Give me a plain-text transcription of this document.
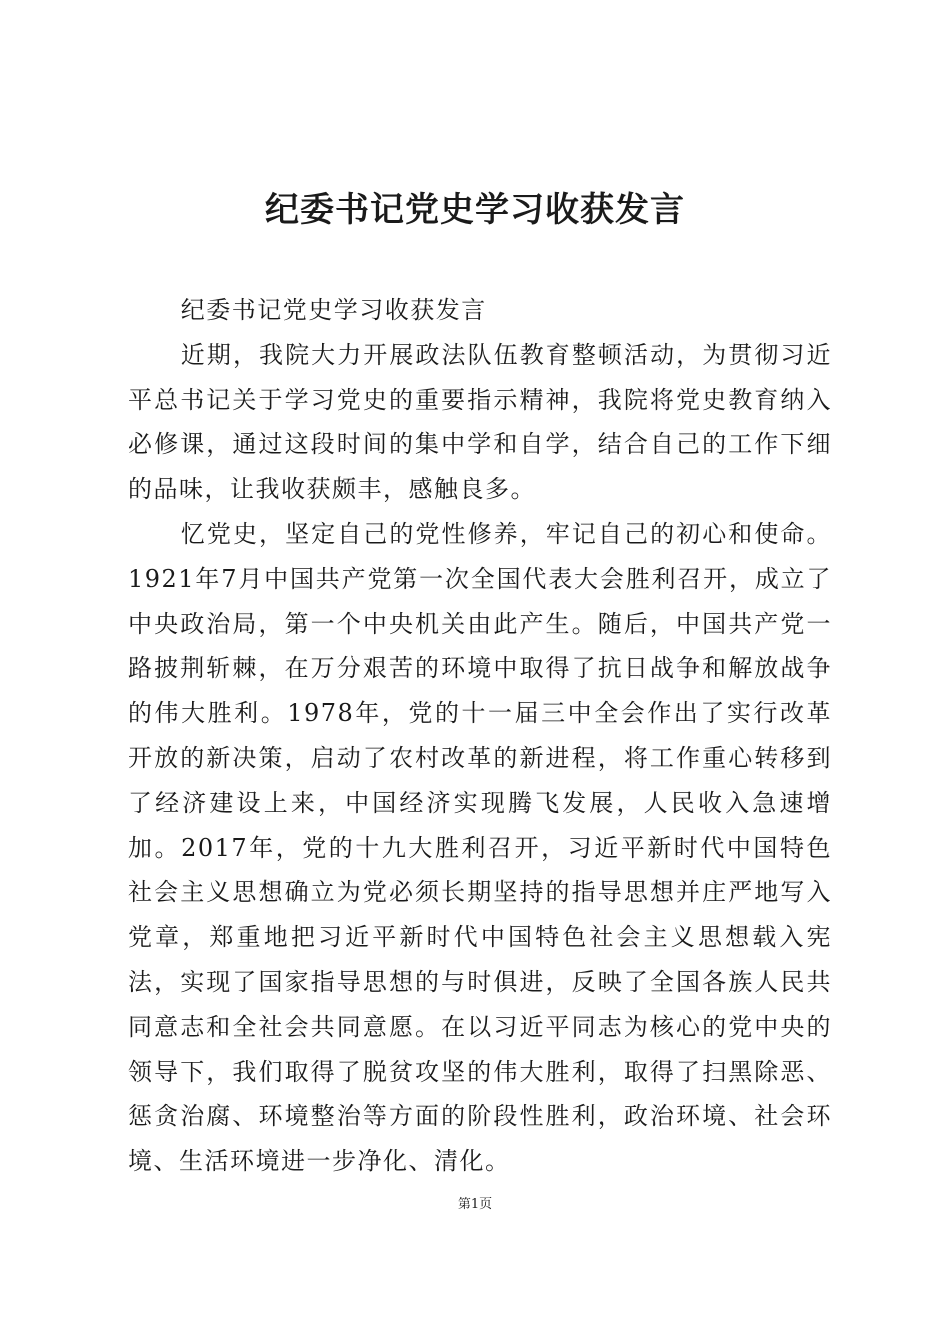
纪委书记党史学习收获发言

纪委书记党史学习收获发言

近期，我院大力开展政法队伍教育整顿活动，为贯彻习近平总书记关于学习党史的重要指示精神，我院将党史教育纳入必修课，通过这段时间的集中学和自学，结合自己的工作下细的品味，让我收获颇丰，感触良多。

忆党史，坚定自己的党性修养，牢记自己的初心和使命。1921年7月中国共产党第一次全国代表大会胜利召开，成立了中央政治局，第一个中央机关由此产生。随后，中国共产党一路披荆斩棘，在万分艰苦的环境中取得了抗日战争和解放战争的伟大胜利。1978年，党的十一届三中全会作出了实行改革开放的新决策，启动了农村改革的新进程，将工作重心转移到了经济建设上来，中国经济实现腾飞发展，人民收入急速增加。2017年，党的十九大胜利召开，习近平新时代中国特色社会主义思想确立为党必须长期坚持的指导思想并庄严地写入党章，郑重地把习近平新时代中国特色社会主义思想载入宪法，实现了国家指导思想的与时俱进，反映了全国各族人民共同意志和全社会共同意愿。在以习近平同志为核心的党中央的领导下，我们取得了脱贫攻坚的伟大胜利，取得了扫黑除恶、惩贪治腐、环境整治等方面的阶段性胜利，政治环境、社会环境、生活环境进一步净化、清化。

第1页
